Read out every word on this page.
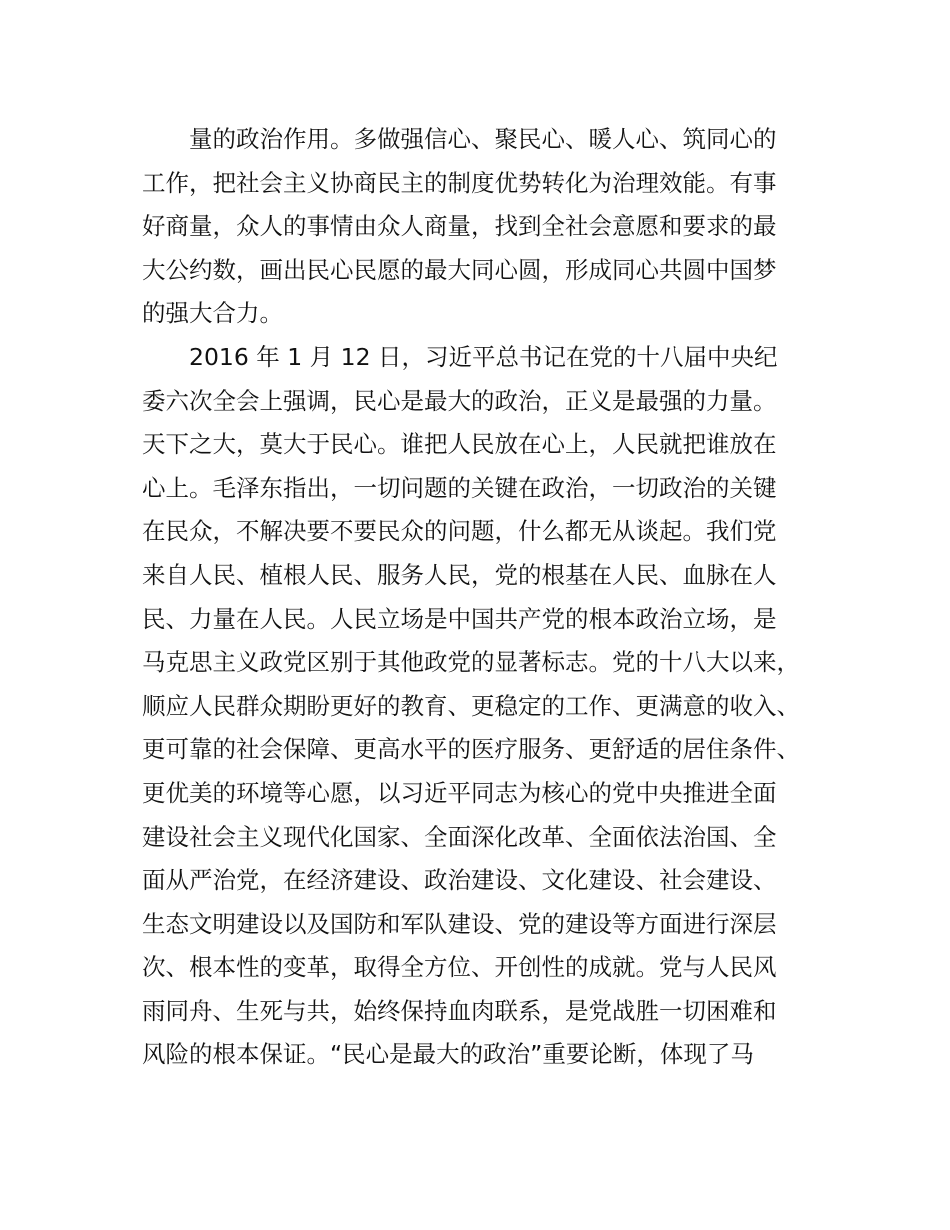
量的政治作用。多做强信心、聚民心、暖人心、筑同心的
工作，把社会主义协商民主的制度优势转化为治理效能。有事
好商量，众人的事情由众人商量，找到全社会意愿和要求的最
大公约数，画出民心民愿的最大同心圆，形成同心共圆中国梦
的强大合力。
2016 年 1 月 12 日，习近平总书记在党的十八届中央纪
委六次全会上强调，民心是最大的政治，正义是最强的力量。
天下之大，莫大于民心。谁把人民放在心上，人民就把谁放在
心上。毛泽东指出，一切问题的关键在政治，一切政治的关键
在民众，不解决要不要民众的问题，什么都无从谈起。我们党
来自人民、植根人民、服务人民，党的根基在人民、血脉在人
民、力量在人民。人民立场是中国共产党的根本政治立场，是
马克思主义政党区别于其他政党的显著标志。党的十八大以来，
顺应人民群众期盼更好的教育、更稳定的工作、更满意的收入、
更可靠的社会保障、更高水平的医疗服务、更舒适的居住条件、
更优美的环境等心愿，以习近平同志为核心的党中央推进全面
建设社会主义现代化国家、全面深化改革、全面依法治国、全
面从严治党，在经济建设、政治建设、文化建设、社会建设、
生态文明建设以及国防和军队建设、党的建设等方面进行深层
次、根本性的变革，取得全方位、开创性的成就。党与人民风
雨同舟、生死与共，始终保持血肉联系，是党战胜一切困难和
风险的根本保证。“民心是最大的政治”重要论断，体现了马
